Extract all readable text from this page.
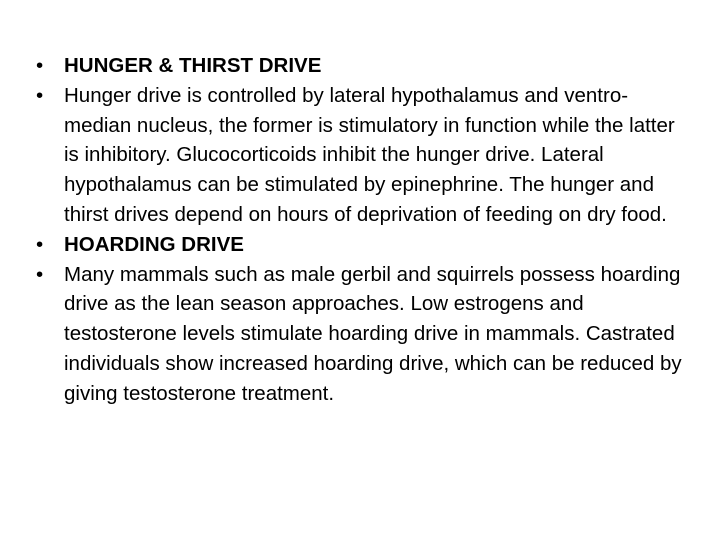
•	HUNGER & THIRST DRIVE
•	Hunger drive is controlled by lateral hypothalamus and ventro-median nucleus, the former is stimulatory in function while the latter is inhibitory. Glucocorticoids inhibit the hunger drive. Lateral hypothalamus can be stimulated by epinephrine. The hunger and thirst drives depend on hours of deprivation of feeding on dry food.
•	HOARDING DRIVE
•	Many mammals such as male gerbil and squirrels possess hoarding drive as the lean season approaches. Low estrogens and testosterone levels stimulate hoarding drive in mammals. Castrated individuals show increased hoarding drive, which can be reduced by giving testosterone treatment.
